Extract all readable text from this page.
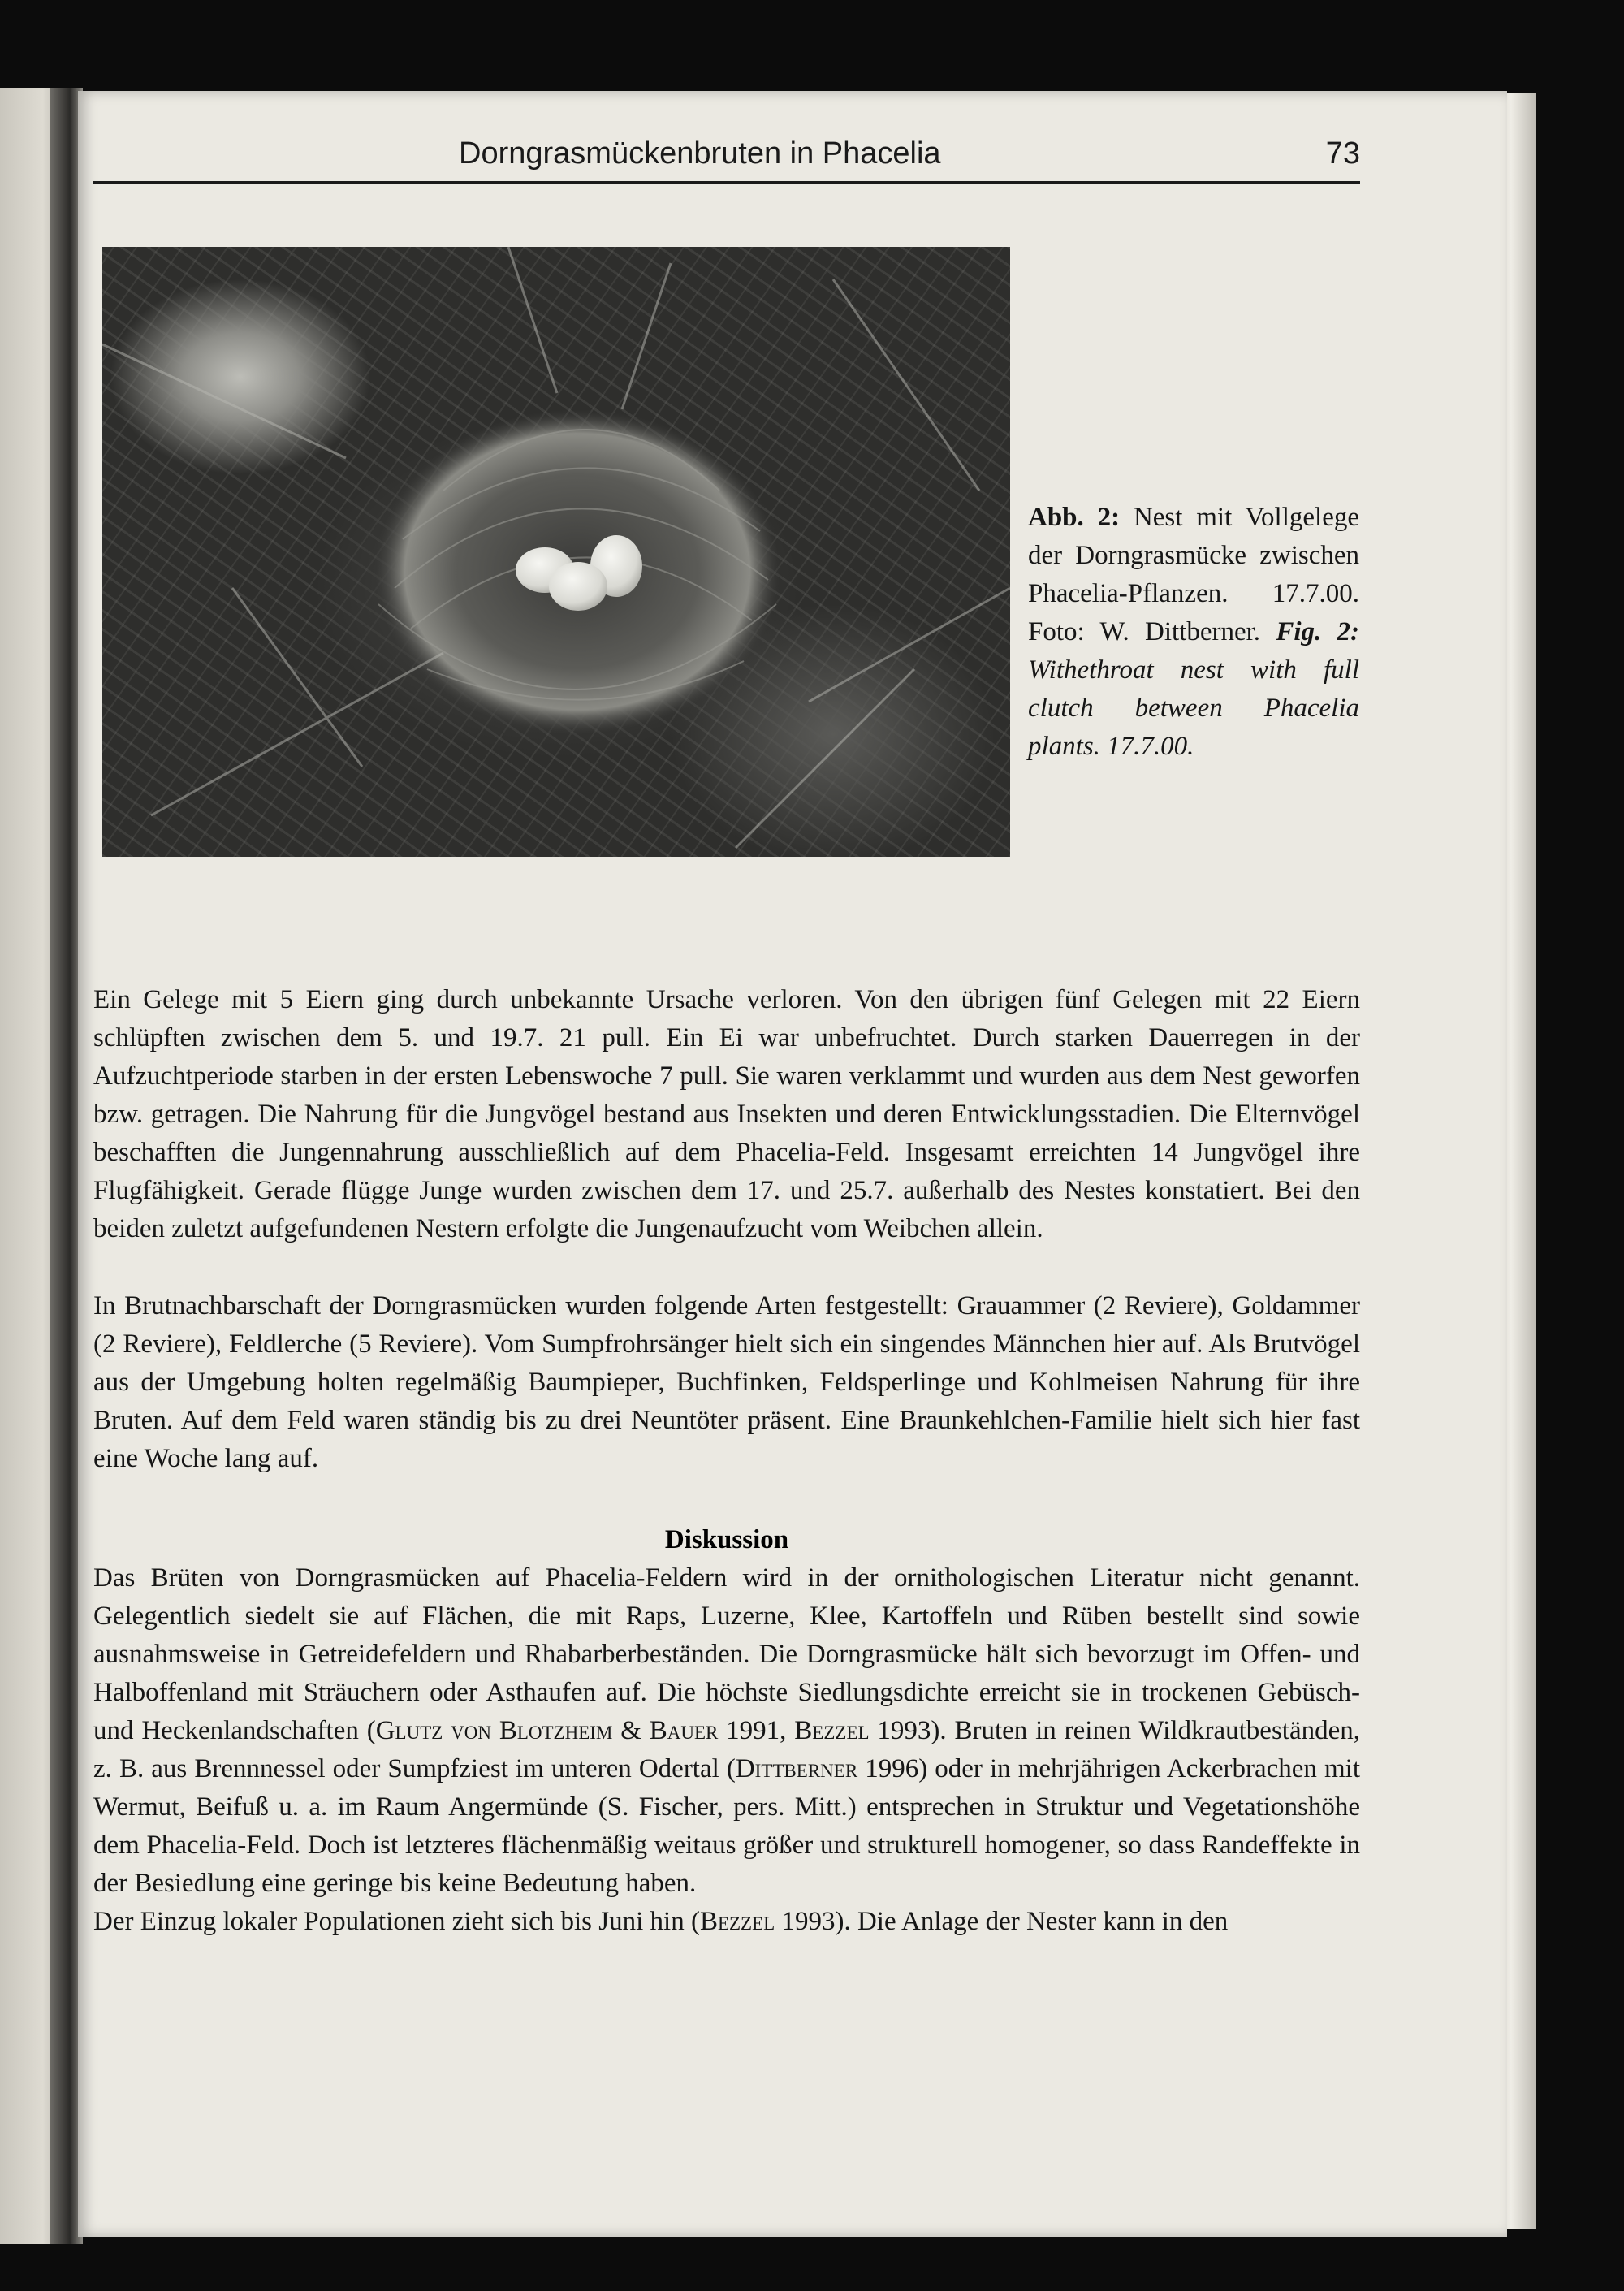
Dorngrasmückenbruten in Phacelia	73
Abb. 2: Nest mit Vollgelege der Dorngrasmücke zwischen Phacelia-Pflanzen. 17.7.00. Foto: W. Dittberner. Fig. 2: Withethroat nest with full clutch between Phacelia plants. 17.7.00.

Ein Gelege mit 5 Eiern ging durch unbekannte Ursache verloren. Von den übrigen fünf Gelegen mit 22 Eiern schlüpften zwischen dem 5. und 19.7. 21 pull. Ein Ei war unbefruchtet. Durch starken Dauerregen in der Aufzuchtperiode starben in der ersten Lebenswoche 7 pull. Sie waren verklammt und wurden aus dem Nest geworfen bzw. getragen. Die Nahrung für die Jungvögel bestand aus Insekten und deren Entwicklungsstadien. Die Elternvögel beschafften die Jungennahrung ausschließlich auf dem Phacelia-Feld. Insgesamt erreichten 14 Jungvögel ihre Flugfähigkeit. Gerade flügge Junge wurden zwischen dem 17. und 25.7. außerhalb des Nestes konstatiert. Bei den beiden zuletzt aufgefundenen Nestern erfolgte die Jungenaufzucht vom Weibchen allein.

In Brutnachbarschaft der Dorngrasmücken wurden folgende Arten festgestellt: Grauammer (2 Reviere), Goldammer (2 Reviere), Feldlerche (5 Reviere). Vom Sumpfrohrsänger hielt sich ein singendes Männchen hier auf. Als Brutvögel aus der Umgebung holten regelmäßig Baumpieper, Buchfinken, Feldsperlinge und Kohlmeisen Nahrung für ihre Bruten. Auf dem Feld waren ständig bis zu drei Neuntöter präsent. Eine Braunkehlchen-Familie hielt sich hier fast eine Woche lang auf.

Diskussion

Das Brüten von Dorngrasmücken auf Phacelia-Feldern wird in der ornithologischen Literatur nicht genannt. Gelegentlich siedelt sie auf Flächen, die mit Raps, Luzerne, Klee, Kartoffeln und Rüben bestellt sind sowie ausnahmsweise in Getreidefeldern und Rhabarberbeständen. Die Dorngrasmücke hält sich bevorzugt im Offen- und Halboffenland mit Sträuchern oder Asthaufen auf. Die höchste Siedlungsdichte erreicht sie in trockenen Gebüsch- und Heckenlandschaften (Glutz von Blotzheim & Bauer 1991, Bezzel 1993). Bruten in reinen Wildkrautbeständen, z. B. aus Brennnessel oder Sumpfziest im unteren Odertal (Dittberner 1996) oder in mehrjährigen Ackerbrachen mit Wermut, Beifuß u. a. im Raum Angermünde (S. Fischer, pers. Mitt.) entsprechen in Struktur und Vegetationshöhe dem Phacelia-Feld. Doch ist letzteres flächenmäßig weitaus größer und strukturell homogener, so dass Randeffekte in der Besiedlung eine geringe bis keine Bedeutung haben.

Der Einzug lokaler Populationen zieht sich bis Juni hin (Bezzel 1993). Die Anlage der Nester kann in den
